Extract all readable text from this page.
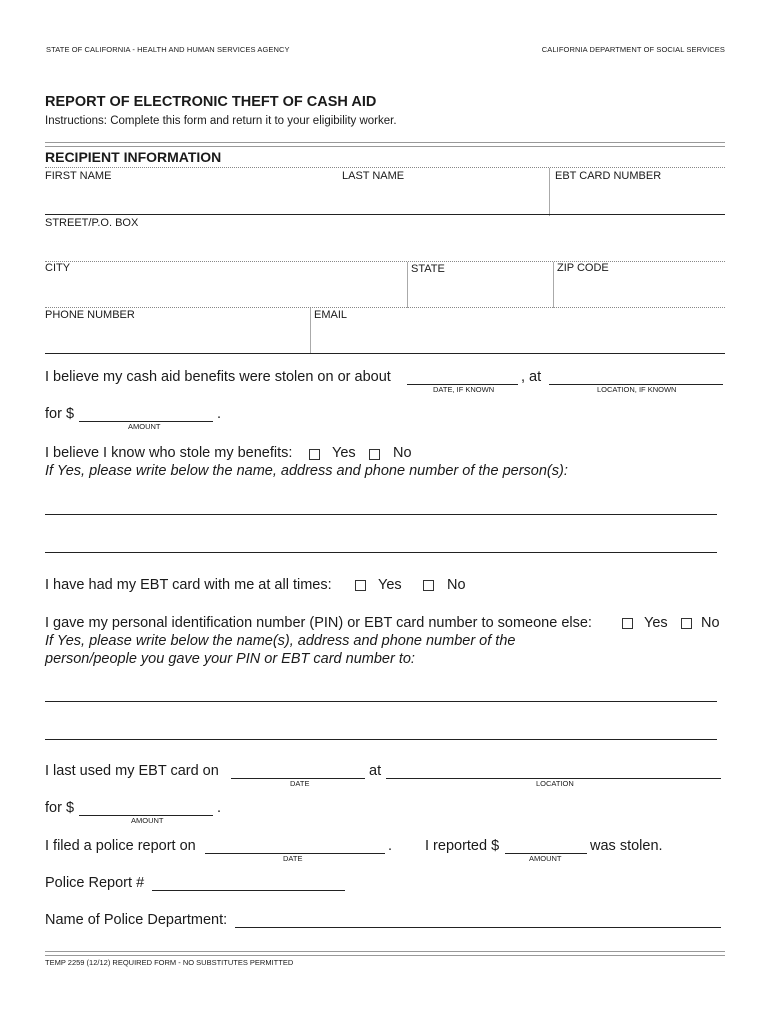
STATE OF CALIFORNIA - HEALTH AND HUMAN SERVICES AGENCY	CALIFORNIA DEPARTMENT OF SOCIAL SERVICES
REPORT OF ELECTRONIC THEFT OF CASH AID
Instructions: Complete this form and return it to your eligibility worker.
RECIPIENT INFORMATION
FIRST NAME	LAST NAME	EBT CARD NUMBER
STREET/P.O. BOX
CITY	STATE	ZIP CODE
PHONE NUMBER	EMAIL
I believe my cash aid benefits were stolen on or about	, at
DATE, IF KNOWN	LOCATION, IF KNOWN
for $	.
AMOUNT
I believe I know who stole my benefits:	Yes	No
If Yes, please write below the name, address and phone number of the person(s):
I have had my EBT card with me at all times:	Yes	No
I gave my personal identification number (PIN) or EBT card number to someone else:	Yes No
If Yes, please write below the name(s), address and phone number of the
person/people you gave your PIN or EBT card number to:
I last used my EBT card on	at
DATE	LOCATION
for $	.
AMOUNT
I filed a police report on	.
DATE
I reported $	was stolen.
AMOUNT
Police Report #
Name of Police Department:
TEMP 2259 (12/12) REQUIRED FORM - NO SUBSTITUTES PERMITTED
